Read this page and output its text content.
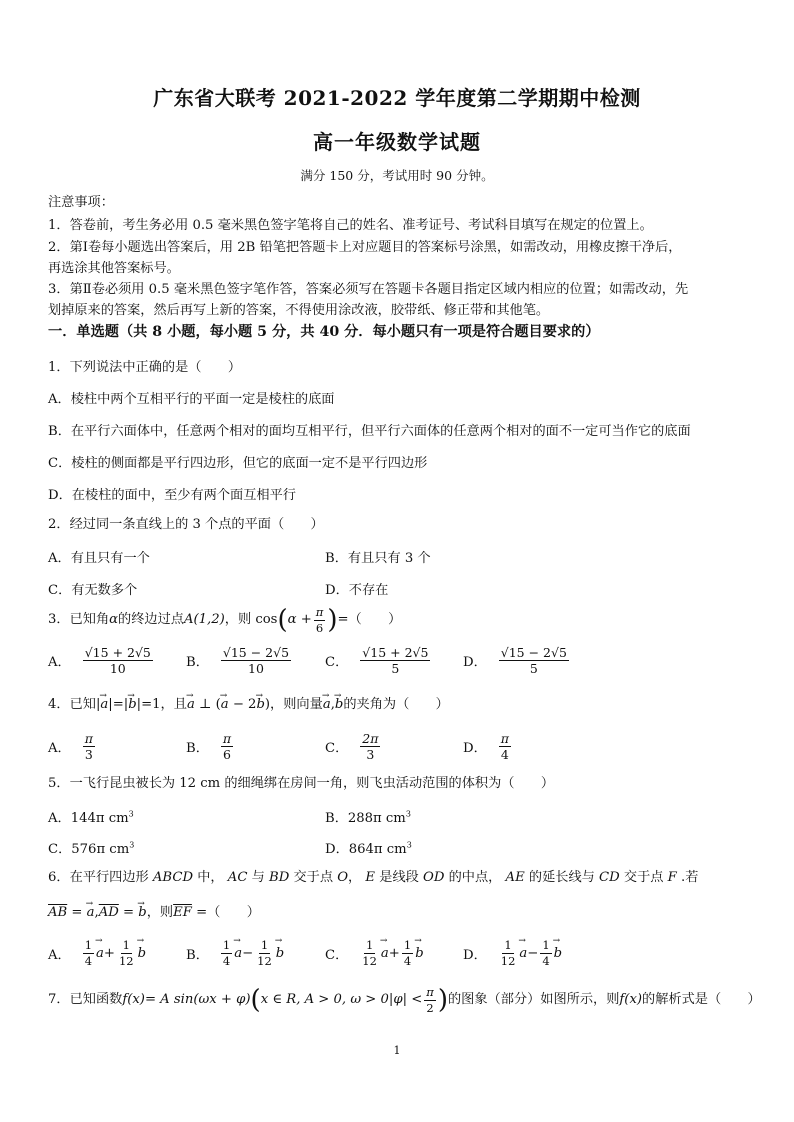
广东省大联考 2021-2022 学年度第二学期期中检测
高一年级数学试题
满分 150 分，考试用时 90 分钟。
注意事项：
1．答卷前，考生务必用 0.5 毫米黑色签字笔将自己的姓名、准考证号、考试科目填写在规定的位置上。
2．第Ⅰ卷每小题选出答案后，用 2B 铅笔把答题卡上对应题目的答案标号涂黑，如需改动，用橡皮擦干净后，
再选涂其他答案标号。
3．第Ⅱ卷必须用 0.5 毫米黑色签字笔作答，答案必须写在答题卡各题目指定区域内相应的位置；如需改动，先
划掉原来的答案，然后再写上新的答案，不得使用涂改液，胶带纸、修正带和其他笔。
一．单选题（共 8 小题，每小题 5 分，共 40 分．每小题只有一项是符合题目要求的）
1．下列说法中正确的是（　　）
A．棱柱中两个互相平行的平面一定是棱柱的底面
B．在平行六面体中，任意两个相对的面均互相平行，但平行六面体的任意两个相对的面不一定可当作它的底面
C．棱柱的侧面都是平行四边形，但它的底面一定不是平行四边形
D．在棱柱的面中，至少有两个面互相平行
2．经过同一条直线上的 3 个点的平面（　　）
A．有且只有一个	B．有且只有 3 个
C．有无数多个	D．不存在
3．已知角 α 的终边过点 A(1,2) ，则 cos ( $\alpha + \frac{\pi}{6}$ ) =（　　）
A． $\frac{√15 + 2√5}{10}$	B． $\frac{√15 - 2√5}{10}$	C． $\frac{√15 + 2√5}{5}$ D． $\frac{√15 - 2√5}{5}$
4．已知|→ a|=|→ b|=1，且→ a ⊥ (→ a − 2→ b)，则向量→ a,→ b的夹角为（　　）
A． $\frac{\pi}{3}$	B． $\frac{\pi}{6}$	C． $\frac{2\pi}{3}$	D． $\frac{\pi}{4}$
5．一飞行昆虫被长为 12 cm 的细绳绑在房间一角，则飞虫活动范围的体积为（　　）
A．144π $cm^3$	B．288π $cm^3$
C．576π $cm^3$	D．864π $cm^3$
6．在平行四边形 ABCD 中， AC 与 BD 交于点 O， E 是线段 OD 的中点， AE 的延长线与 CD 交于点 F .若
$\overline{AB}$ = → $a,\overline{AD}$ = → b，则$\overline{EF}$ =（　　）
A． $\frac{1}{4} \to a + \frac{1}{12} \to b$	B． $\frac{1}{4} \to a - \frac{1}{12} \to b$	C． $\frac{1}{12} \to a + \frac{1}{4} \to b$	D． $\frac{1}{12} \to a - \frac{1}{4} \to b$
7．已知函数 f(x) = A sin(ωx + φ) ( x ∈ R, A > 0, $\omega > 0|\varphi| < \frac{\pi}{2}$ ) 的图象（部分）如图所示，则 f(x) 的解析式是（　　）
1
